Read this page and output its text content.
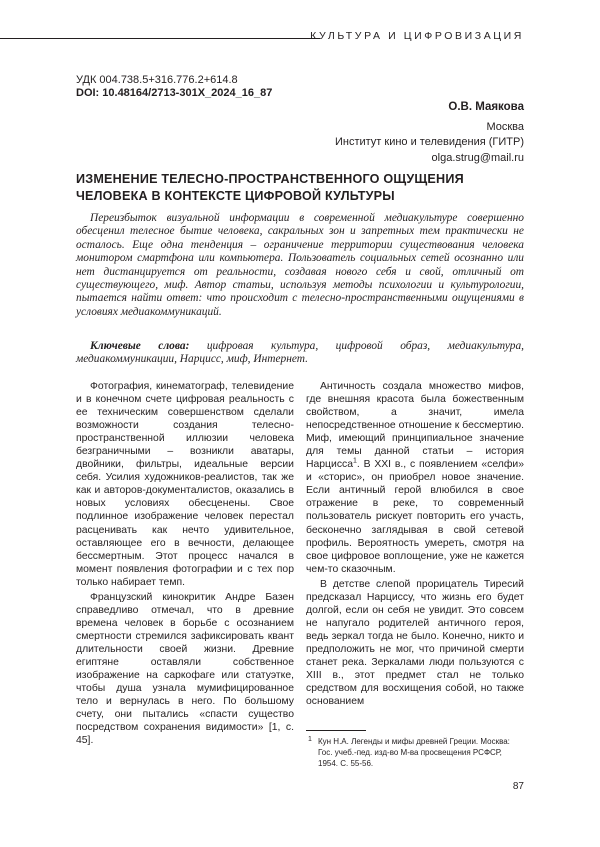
КУЛЬТУРА И ЦИФРОВИЗАЦИЯ
УДК 004.738.5+316.776.2+614.8
DOI: 10.48164/2713-301X_2024_16_87
О.В. Маякова
Москва
Институт кино и телевидения (ГИТР)
olga.strug@mail.ru
ИЗМЕНЕНИЕ ТЕЛЕСНО-ПРОСТРАНСТВЕННОГО ОЩУЩЕНИЯ ЧЕЛОВЕКА В КОНТЕКСТЕ ЦИФРОВОЙ КУЛЬТУРЫ
Переизбыток визуальной информации в современной медиакультуре совершенно обесценил телесное бытие человека, сакральных зон и запретных тем практически не осталось. Еще одна тенденция – ограничение территории существования человека монитором смартфона или компьютера. Пользователь социальных сетей осознанно или нет дистанцируется от реальности, создавая нового себя и свой, отличный от существующего, миф. Автор статьи, используя методы психологии и культурологии, пытается найти ответ: что происходит с телесно-пространственными ощущениями в условиях медиакоммуникаций.
Ключевые слова: цифровая культура, цифровой образ, медиакультура, медиакоммуникации, Нарцисс, миф, Интернет.

Фотография, кинематограф, телевидение и в конечном счете цифровая реальность с ее техническим совершенством сделали возможности создания телесно-пространственной иллюзии человека безграничными – возникли аватары, двойники, фильтры, идеальные версии себя. Усилия художников-реалистов, так же как и авторов-документалистов, оказались в новых условиях обесценены. Свое подлинное изображение человек перестал расценивать как нечто удивительное, оставляющее его в вечности, делающее бессмертным. Этот процесс начался в момент появления фотографии и с тех пор только набирает темп.

Французский кинокритик Андре Базен справедливо отмечал, что в древние времена человек в борьбе с осознанием смертности стремился зафиксировать квант длительности своей жизни. Древние египтяне оставляли собственное изображение на саркофаге или статуэтке, чтобы душа узнала мумифицированное тело и вернулась в него. По большому счету, они пытались «спасти существо посредством сохранения видимости» [1, с. 45].

Античность создала множество мифов, где внешняя красота была божественным свойством, а значит, имела непосредственное отношение к бессмертию. Миф, имеющий принципиальное значение для темы данной статьи – история Нарцисса$^1$. В XXI в., с появлением «селфи» и «сторис», он приобрел новое значение. Если античный герой влюбился в свое отражение в реке, то современный пользователь рискует повторить его участь, бесконечно заглядывая в свой сетевой профиль. Вероятность умереть, смотря на свое цифровое воплощение, уже не кажется чем-то сказочным.

В детстве слепой прорицатель Тиресий предсказал Нарциссу, что жизнь его будет долгой, если он себя не увидит. Это совсем не напугало родителей античного героя, ведь зеркал тогда не было. Конечно, никто и предположить не мог, что причиной смерти станет река. Зеркалами люди пользуются с XIII в., этот предмет стал не только средством для восхищения собой, но также основанием

1 Кун Н.А. Легенды и мифы древней Греции. Москва: Гос. учеб.-пед. изд-во М-ва просвещения РСФСР, 1954. С. 55-56.
87
